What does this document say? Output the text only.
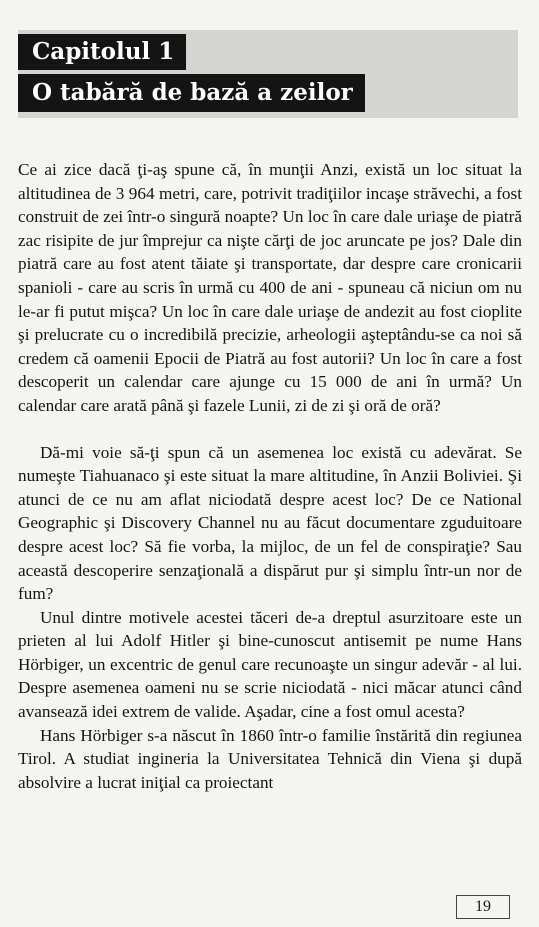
Capitolul 1
O tabără de bază a zeilor

Ce ai zice dacă ţi-aş spune că, în munţii Anzi, există un loc situat la altitudinea de 3 964 metri, care, potrivit tradiţiilor incaşe străvechi, a fost construit de zei într-o singură noapte? Un loc în care dale uriaşe de piatră zac risipite de jur împrejur ca nişte cărţi de joc aruncate pe jos? Dale din piatră care au fost atent tăiate şi transportate, dar despre care cronicarii spanioli - care au scris în urmă cu 400 de ani - spuneau că niciun om nu le-ar fi putut mişca? Un loc în care dale uriaşe de andezit au fost cioplite şi prelucrate cu o incredibilă precizie, arheologii aşteptându-se ca noi să credem că oamenii Epocii de Piatră au fost autorii? Un loc în care a fost descoperit un calendar care ajunge cu 15 000 de ani în urmă? Un calendar care arată până şi fazele Lunii, zi de zi şi oră de oră?

Dă-mi voie să-ţi spun că un asemenea loc există cu adevărat. Se numeşte Tiahuanaco şi este situat la mare altitudine, în Anzii Boliviei. Şi atunci de ce nu am aflat niciodată despre acest loc? De ce National Geographic şi Discovery Channel nu au făcut documentare zguduitoare despre acest loc? Să fie vorba, la mijloc, de un fel de conspiraţie? Sau această descoperire senzaţională a dispărut pur şi simplu într-un nor de fum?

Unul dintre motivele acestei tăceri de-a dreptul asurzitoare este un prieten al lui Adolf Hitler şi bine-cunoscut antisemit pe nume Hans Hörbiger, un excentric de genul care recunoaşte un singur adevăr - al lui. Despre asemenea oameni nu se scrie niciodată - nici măcar atunci când avansează idei extrem de valide. Aşadar, cine a fost omul acesta?

Hans Hörbiger s-a născut în 1860 într-o familie înstărită din regiunea Tirol. A studiat ingineria la Universitatea Tehnică din Viena şi după absolvire a lucrat iniţial ca proiectant

19
